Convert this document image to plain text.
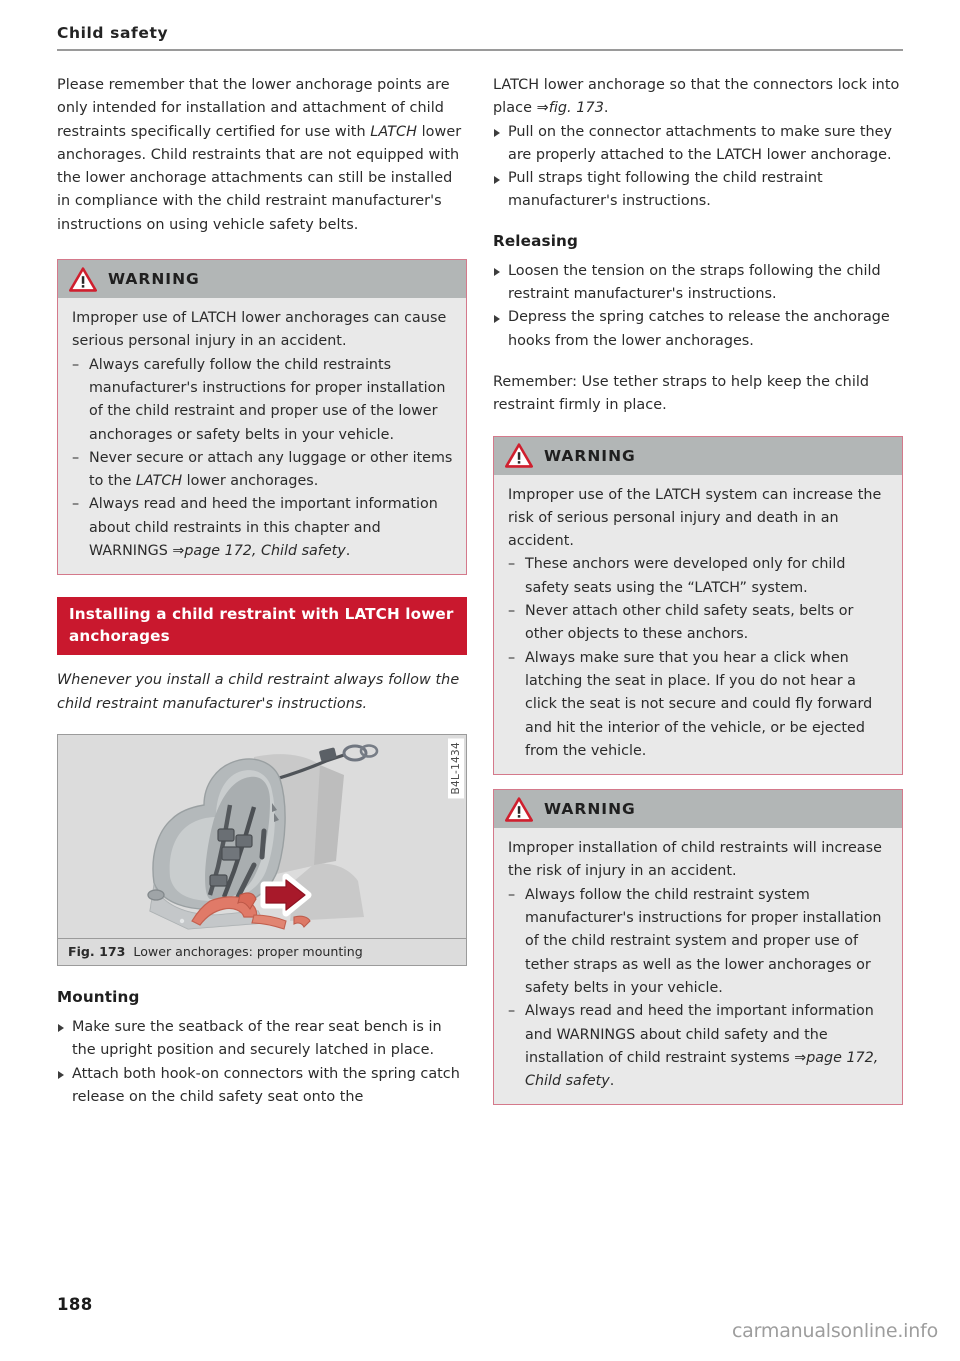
Child safety

Please remember that the lower anchorage points are only intended for installation and attachment of child restraints specifically certified for use with LATCH lower anchorages. Child restraints that are not equipped with the lower anchorage attachments can still be installed in compliance with the child restraint manufacturer's instructions on using vehicle safety belts.

WARNING

Improper use of LATCH lower anchorages can cause serious personal injury in an accident.

– Always carefully follow the child restraints manufacturer's instructions for proper installation of the child restraint and proper use of the lower anchorages or safety belts in your vehicle.
– Never secure or attach any luggage or other items to the LATCH lower anchorages.
– Always read and heed the important information about child restraints in this chapter and WARNINGS ⇒page 172, Child safety.
Installing a child restraint with LATCH lower anchorages

Whenever you install a child restraint always follow the child restraint manufacturer's instructions.

B4L-1434
Fig. 173 Lower anchorages: proper mounting
Mounting
Make sure the seatback of the rear seat bench is in the upright position and securely latched in place.
Attach both hook-on connectors with the spring catch release on the child safety seat onto the

LATCH lower anchorage so that the connectors lock into place ⇒fig. 173.

Pull on the connector attachments to make sure they are properly attached to the LATCH lower anchorage.
Pull straps tight following the child restraint manufacturer's instructions.
Releasing
Loosen the tension on the straps following the child restraint manufacturer's instructions.
Depress the spring catches to release the anchorage hooks from the lower anchorages.

Remember: Use tether straps to help keep the child restraint firmly in place.

WARNING

Improper use of the LATCH system can increase the risk of serious personal injury and death in an accident.

– These anchors were developed only for child safety seats using the “LATCH” system.
– Never attach other child safety seats, belts or other objects to these anchors.
– Always make sure that you hear a click when latching the seat in place. If you do not hear a click the seat is not secure and could fly forward and hit the interior of the vehicle, or be ejected from the vehicle.
WARNING

Improper installation of child restraints will increase the risk of injury in an accident.

– Always follow the child restraint system manufacturer's instructions for proper installation of the child restraint system and proper use of tether straps as well as the lower anchorages or safety belts in your vehicle.
– Always read and heed the important information and WARNINGS about child safety and the installation of child restraint systems ⇒page 172, Child safety.
188
carmanualsonline.info
